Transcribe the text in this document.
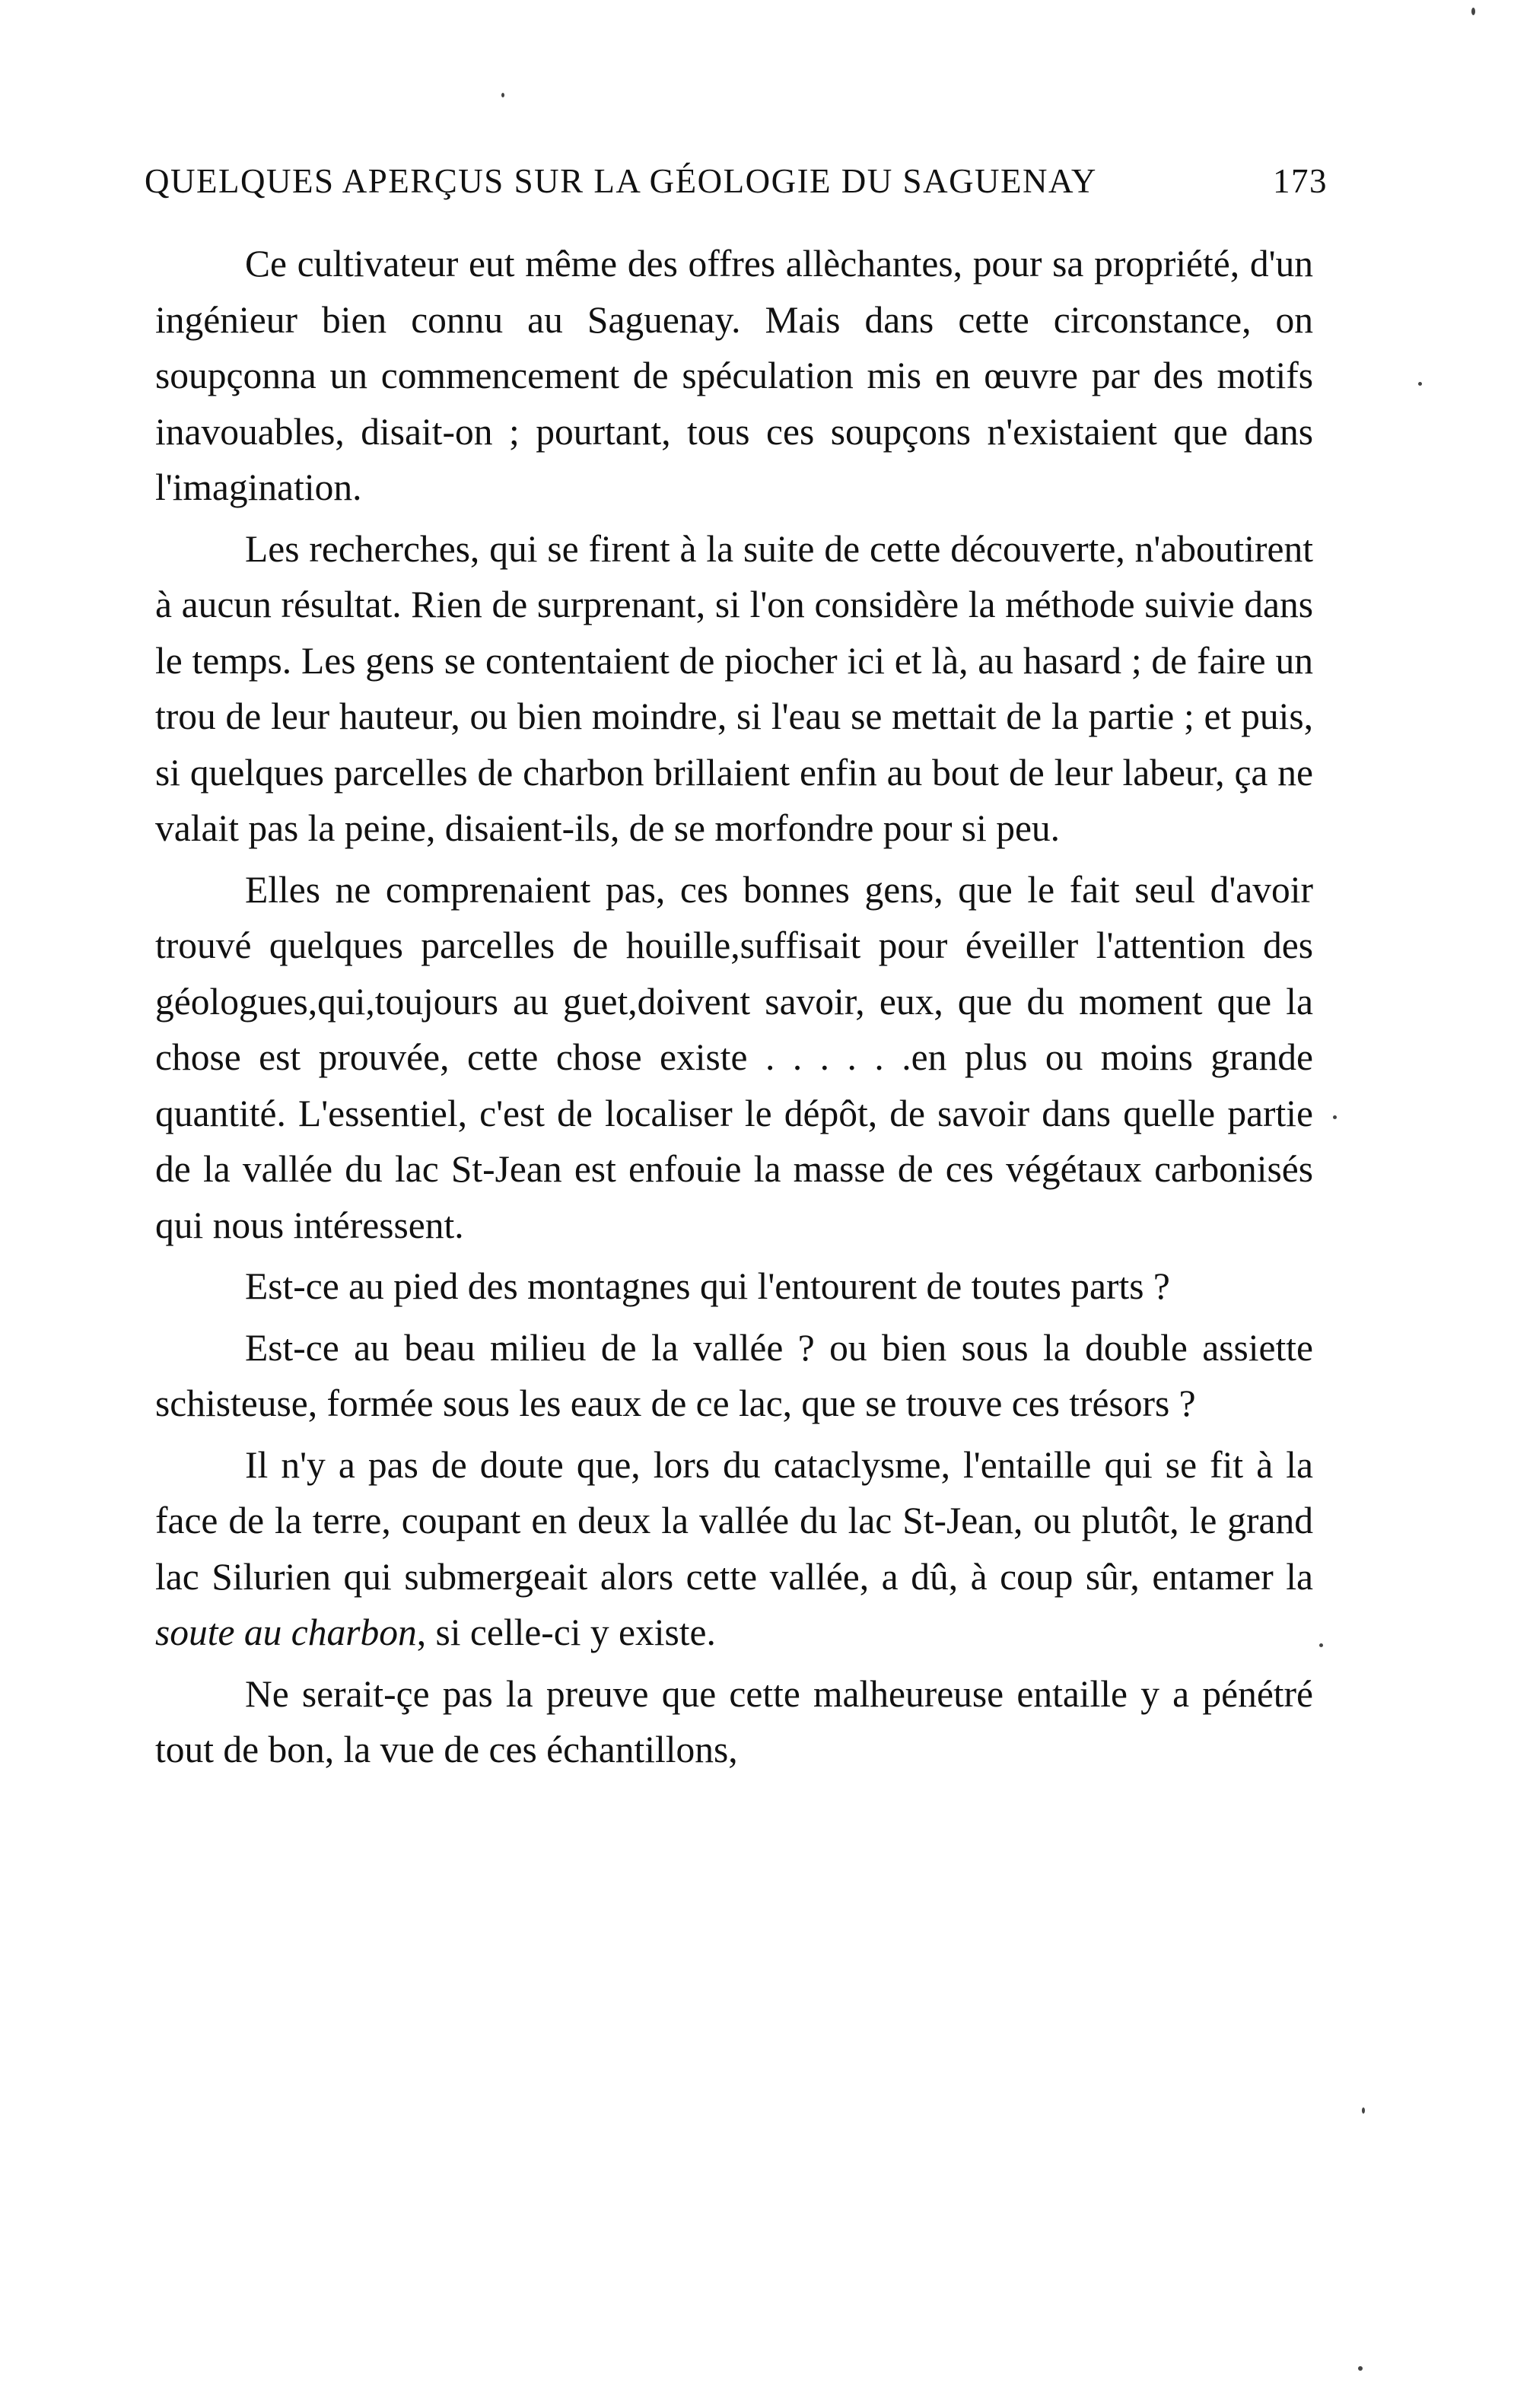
QUELQUES APERÇUS SUR LA GÉOLOGIE DU SAGUENAY	173

Ce cultivateur eut même des offres allèchantes, pour sa propriété, d'un ingénieur bien connu au Saguenay. Mais dans cette circonstance, on soupçonna un commencement de spéculation mis en œuvre par des motifs inavouables, disait-on ; pourtant, tous ces soupçons n'existaient que dans l'imagination.

Les recherches, qui se firent à la suite de cette découverte, n'aboutirent à aucun résultat. Rien de surprenant, si l'on considère la méthode suivie dans le temps. Les gens se contentaient de piocher ici et là, au hasard ; de faire un trou de leur hauteur, ou bien moindre, si l'eau se mettait de la partie ; et puis, si quelques parcelles de charbon brillaient enfin au bout de leur labeur, ça ne valait pas la peine, disaient-ils, de se morfondre pour si peu.

Elles ne comprenaient pas, ces bonnes gens, que le fait seul d'avoir trouvé quelques parcelles de houille,suffisait pour éveiller l'attention des géologues,qui,toujours au guet,doivent savoir, eux, que du moment que la chose est prouvée, cette chose existe . . . . . .en plus ou moins grande quantité. L'essentiel, c'est de localiser le dépôt, de savoir dans quelle partie de la vallée du lac St-Jean est enfouie la masse de ces végétaux carbonisés qui nous intéressent.

Est-ce au pied des montagnes qui l'entourent de toutes parts ?

Est-ce au beau milieu de la vallée ? ou bien sous la double assiette schisteuse, formée sous les eaux de ce lac, que se trouve ces trésors ?

Il n'y a pas de doute que, lors du cataclysme, l'entaille qui se fit à la face de la terre, coupant en deux la vallée du lac St-Jean, ou plutôt, le grand lac Silurien qui submergeait alors cette vallée, a dû, à coup sûr, entamer la soute au charbon, si celle-ci y existe.

Ne serait-çe pas la preuve que cette malheureuse entaille y a pénétré tout de bon, la vue de ces échantillons,
